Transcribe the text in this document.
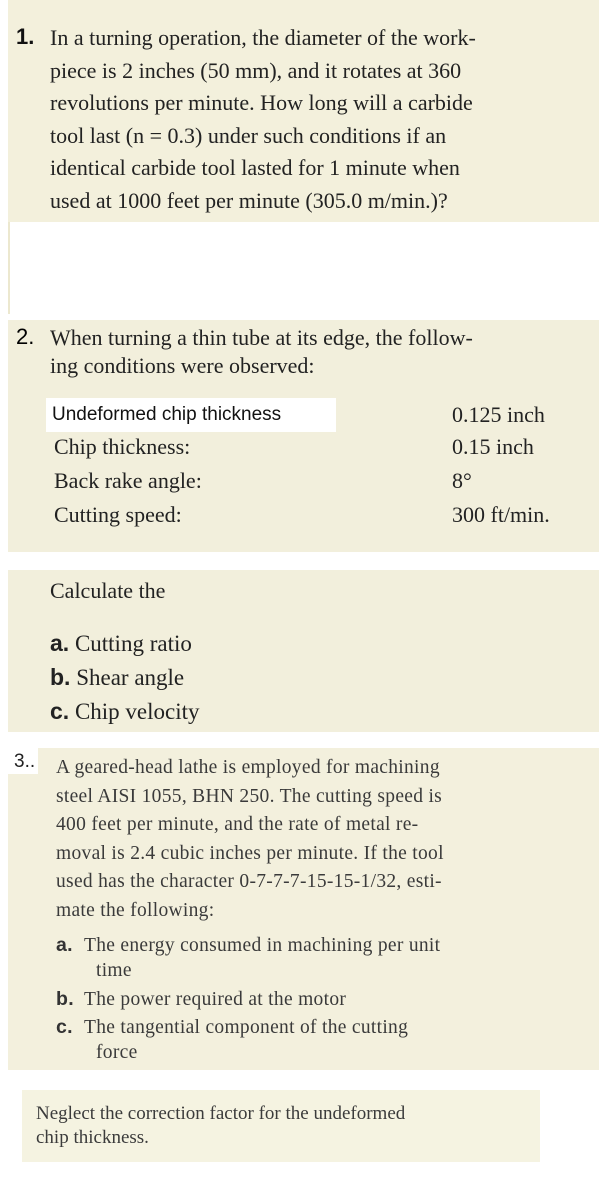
1. In a turning operation, the diameter of the work-
piece is 2 inches (50 mm), and it rotates at 360
revolutions per minute. How long will a carbide
tool last (n = 0.3) under such conditions if an
identical carbide tool lasted for 1 minute when
used at 1000 feet per minute (305.0 m/min.)?
2. When turning a thin tube at its edge, the follow-
ing conditions were observed:
Undeformed chip thickness	0.125 inch
Chip thickness:	0.15 inch
Back rake angle:	8°
Cutting speed:	300 ft/min.
Calculate the
a. Cutting ratio
b. Shear angle
c. Chip velocity
A geared-head lathe is employed for machining
steel AISI 1055, BHN 250. The cutting speed is
400 feet per minute, and the rate of metal re-
moval is 2.4 cubic inches per minute. If the tool
used has the character 0-7-7-7-15-15-1/32, esti-
mate the following:
a. The energy consumed in machining per unit
time
b. The power required at the motor
c. The tangential component of the cutting
force
3..
Neglect the correction factor for the undeformed
chip thickness.
